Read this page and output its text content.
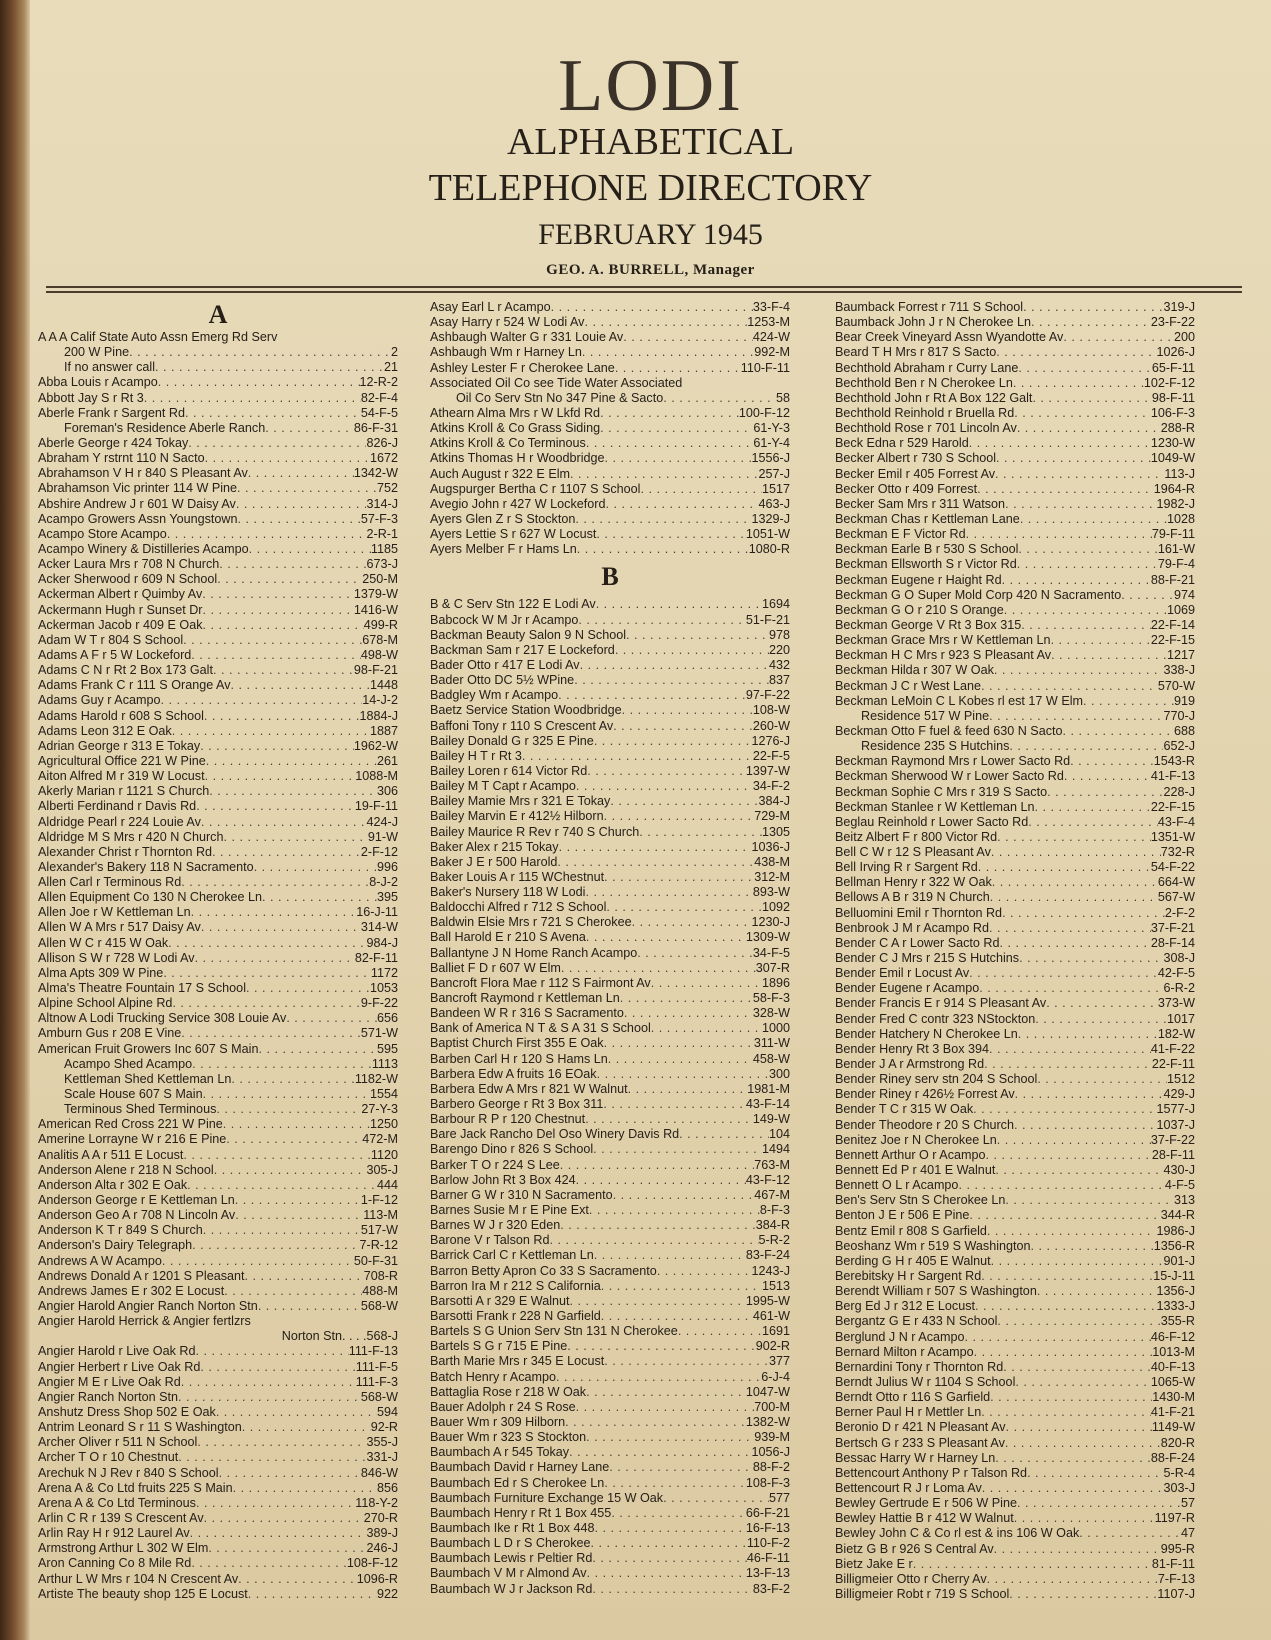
LODI
ALPHABETICAL
TELEPHONE DIRECTORY
FEBRUARY 1945
GEO. A. BURRELL, Manager
A
A A A Calif State Auto Assn Emerg Rd Serv
200 W Pine . . .	2
If no answer call . . .	21
Abba Louis r Acampo . . .	12-R-2
Abbott Jay S r Rt 3 . . .	82-F-4
Aberle Frank r Sargent Rd . . .	54-F-5
Foreman's Residence Aberle Ranch . . .	86-F-31
Aberle George r 424 Tokay . . .	826-J
Abraham Y rstrnt 110 N Sacto . . .	1672
Abrahamson V H r 840 S Pleasant Av . . .	1342-W
Abrahamson Vic printer 114 W Pine . . .	752
Abshire Andrew J r 601 W Daisy Av . . .	314-J
Acampo Growers Assn Youngstown . . .	57-F-3
Acampo Store Acampo . . .	2-R-1
Acampo Winery & Distilleries Acampo . . .	1185
Acker Laura Mrs r 708 N Church . . .	673-J
Acker Sherwood r 609 N School . . .	250-M
Ackerman Albert r Quimby Av . . .	1379-W
Ackermann Hugh r Sunset Dr . . .	1416-W
Ackerman Jacob r 409 E Oak . . .	499-R
Adam W T r 804 S School . . .	678-M
Adams A F r 5 W Lockeford . . .	498-W
Adams C N r Rt 2 Box 173 Galt . . .	98-F-21
Adams Frank C r 111 S Orange Av . . .	1448
Adams Guy r Acampo . . .	14-J-2
Adams Harold r 608 S School . . .	1884-J
Adams Leon 312 E Oak . . .	1887
Adrian George r 313 E Tokay . . .	1962-W
Agricultural Office 221 W Pine . . .	261
Aiton Alfred M r 319 W Locust . . .	1088-M
Akerly Marian r 1121 S Church . . .	306
Alberti Ferdinand r Davis Rd . . .	19-F-11
Aldridge Pearl r 224 Louie Av . . .	424-J
Aldridge M S Mrs r 420 N Church . . .	91-W
Alexander Christ r Thornton Rd . . .	2-F-12
Alexander's Bakery 118 N Sacramento . . .	996
Allen Carl r Terminous Rd . . .	8-J-2
Allen Equipment Co 130 N Cherokee Ln . . .	395
Allen Joe r W Kettleman Ln . . .	16-J-11
Allen W A Mrs r 517 Daisy Av . . .	314-W
Allen W C r 415 W Oak . . .	984-J
Allison S W r 728 W Lodi Av . . .	82-F-11
Alma Apts 309 W Pine . . .	1172
Alma's Theatre Fountain 17 S School . . .	1053
Alpine School Alpine Rd . . .	9-F-22
Altnow A Lodi Trucking Service 308 Louie Av . . .	656
Amburn Gus r 208 E Vine . . .	571-W
American Fruit Growers Inc 607 S Main . . .	595
Acampo Shed Acampo . . .	1113
Kettleman Shed Kettleman Ln . . .	1182-W
Scale House 607 S Main . . .	1554
Terminous Shed Terminous . . .	27-Y-3
American Red Cross 221 W Pine . . .	1250
Amerine Lorrayne W r 216 E Pine . . .	472-M
Analitis A A r 511 E Locust . . .	1120
Anderson Alene r 218 N School . . .	305-J
Anderson Alta r 302 E Oak . . .	444
Anderson George r E Kettleman Ln . . .	1-F-12
Anderson Geo A r 708 N Lincoln Av . . .	113-M
Anderson K T r 849 S Church . . .	517-W
Anderson's Dairy Telegraph . . .	7-R-12
Andrews A W Acampo . . .	50-F-31
Andrews Donald A r 1201 S Pleasant . . .	708-R
Andrews James E r 302 E Locust . . .	488-M
Angier Harold Angier Ranch Norton Stn . . .	568-W
Angier Harold Herrick & Angier fertlzrs
Norton Stn . . . .568-J
Angier Harold r Live Oak Rd . . .	111-F-13
Angier Herbert r Live Oak Rd . . .	111-F-5
Angier M E r Live Oak Rd . . .	111-F-3
Angier Ranch Norton Stn . . .	568-W
Anshutz Dress Shop 502 E Oak . . .	594
Antrim Leonard S r 11 S Washington . . .	92-R
Archer Oliver r 511 N School . . .	355-J
Archer T O r 10 Chestnut . . .	331-J
Arechuk N J Rev r 840 S School . . .	846-W
Arena A & Co Ltd fruits 225 S Main . . .	856
Arena A & Co Ltd Terminous . . .	118-Y-2
Arlin C R r 139 S Crescent Av . . .	270-R
Arlin Ray H r 912 Laurel Av . . .	389-J
Armstrong Arthur L 302 W Elm . . .	246-J
Aron Canning Co 8 Mile Rd . . .	108-F-12
Arthur L W Mrs r 104 N Crescent Av . . .	1096-R
Artiste The beauty shop 125 E Locust . . .	922
Asay Earl L r Acampo . . .	33-F-4
Asay Harry r 524 W Lodi Av . . .	1253-M
Ashbaugh Walter G r 331 Louie Av . . .	424-W
Ashbaugh Wm r Harney Ln . . .	992-M
Ashley Lester F r Cherokee Lane . . .	110-F-11
Associated Oil Co see Tide Water Associated
Oil Co Serv Stn No 347 Pine & Sacto . . .	58
Athearn Alma Mrs r W Lkfd Rd . . .	100-F-12
Atkins Kroll & Co Grass Siding . . .	61-Y-3
Atkins Kroll & Co Terminous . . .	61-Y-4
Atkins Thomas H r Woodbridge . . .	1556-J
Auch August r 322 E Elm . . .	257-J
Augspurger Bertha C r 1107 S School . . .	1517
Avegio John r 427 W Lockeford . . .	463-J
Ayers Glen Z r S Stockton . . .	1329-J
Ayers Lettie S r 627 W Locust . . .	1051-W
Ayers Melber F r Hams Ln . . .	1080-R
B
B & C Serv Stn 122 E Lodi Av . . .	1694
Babcock W M Jr r Acampo . . .	51-F-21
Backman Beauty Salon 9 N School . . .	978
Backman Sam r 217 E Lockeford . . .	220
Bader Otto r 417 E Lodi Av . . .	432
Bader Otto DC 5½ WPine . . .	837
Badgley Wm r Acampo . . .	97-F-22
Baetz Service Station Woodbridge . . .	108-W
Baffoni Tony r 110 S Crescent Av . . .	260-W
Bailey Donald G r 325 E Pine . . .	1276-J
Bailey H T r Rt 3 . . .	22-F-5
Bailey Loren r 614 Victor Rd . . .	1397-W
Bailey M T Capt r Acampo . . .	34-F-2
Bailey Mamie Mrs r 321 E Tokay . . .	384-J
Bailey Marvin E r 412½ Hilborn . . .	729-M
Bailey Maurice R Rev r 740 S Church . . .	1305
Baker Alex r 215 Tokay . . .	1036-J
Baker J E r 500 Harold . . .	438-M
Baker Louis A r 115 WChestnut . . .	312-M
Baker's Nursery 118 W Lodi . . .	893-W
Baldocchi Alfred r 712 S School . . .	1092
Baldwin Elsie Mrs r 721 S Cherokee . . .	1230-J
Ball Harold E r 210 S Avena . . .	1309-W
Ballantyne J N Home Ranch Acampo . . .	34-F-5
Balliet F D r 607 W Elm . . .	307-R
Bancroft Flora Mae r 112 S Fairmont Av . . .	1896
Bancroft Raymond r Kettleman Ln . . .	58-F-3
Bandeen W R r 316 S Sacramento . . .	328-W
Bank of America N T & S A 31 S School . . .	1000
Baptist Church First 355 E Oak . . .	311-W
Barben Carl H r 120 S Hams Ln . . .	458-W
Barbera Edw A fruits 16 EOak . . .	300
Barbera Edw A Mrs r 821 W Walnut . . .	1981-M
Barbero George r Rt 3 Box 311 . . .	43-F-14
Barbour R P r 120 Chestnut . . .	149-W
Bare Jack Rancho Del Oso Winery Davis Rd . . .	104
Barengo Dino r 826 S School . . .	1494
Barker T O r 224 S Lee . . .	763-M
Barlow John Rt 3 Box 424 . . .	43-F-12
Barner G W r 310 N Sacramento . . .	467-M
Barnes Susie M r E Pine Ext . . .	8-F-3
Barnes W J r 320 Eden . . .	384-R
Barone V r Talson Rd . . .	5-R-2
Barrick Carl C r Kettleman Ln . . .	83-F-24
Barron Betty Apron Co 33 S Sacramento . . .	1243-J
Barron Ira M r 212 S California . . .	1513
Barsotti A r 329 E Walnut . . .	1995-W
Barsotti Frank r 228 N Garfield . . .	461-W
Bartels S G Union Serv Stn 131 N Cherokee . . .	1691
Bartels S G r 715 E Pine . . .	902-R
Barth Marie Mrs r 345 E Locust . . .	377
Batch Henry r Acampo . . .	6-J-4
Battaglia Rose r 218 W Oak . . .	1047-W
Bauer Adolph r 24 S Rose . . .	700-M
Bauer Wm r 309 Hilborn . . .	1382-W
Bauer Wm r 323 S Stockton . . .	939-M
Baumbach A r 545 Tokay . . .	1056-J
Baumbach David r Harney Lane . . .	88-F-2
Baumbach Ed r S Cherokee Ln . . .	108-F-3
Baumbach Furniture Exchange 15 W Oak . . .	577
Baumbach Henry r Rt 1 Box 455 . . .	66-F-21
Baumbach Ike r Rt 1 Box 448 . . .	16-F-13
Baumbach L D r S Cherokee . . .	110-F-2
Baumbach Lewis r Peltier Rd . . .	46-F-11
Baumbach V M r Almond Av . . .	13-F-13
Baumbach W J r Jackson Rd . . .	83-F-2
Baumback Forrest r 711 S School . . .	319-J
Baumback John J r N Cherokee Ln . . .	23-F-22
Bear Creek Vineyard Assn Wyandotte Av . . .	200
Beard T H Mrs r 817 S Sacto . . .	1026-J
Bechthold Abraham r Curry Lane . . .	65-F-11
Bechthold Ben r N Cherokee Ln . . .	102-F-12
Bechthold John r Rt A Box 122 Galt . . .	98-F-11
Bechthold Reinhold r Bruella Rd . . .	106-F-3
Bechthold Rose r 701 Lincoln Av . . .	288-R
Beck Edna r 529 Harold . . .	1230-W
Becker Albert r 730 S School . . .	1049-W
Becker Emil r 405 Forrest Av . . .	113-J
Becker Otto r 409 Forrest . . .	1964-R
Becker Sam Mrs r 311 Watson . . .	1982-J
Beckman Chas r Kettleman Lane . . .	1028
Beckman E F Victor Rd . . .	79-F-11
Beckman Earle B r 530 S School . . .	161-W
Beckman Ellsworth S r Victor Rd . . .	79-F-4
Beckman Eugene r Haight Rd . . .	88-F-21
Beckman G O Super Mold Corp 420 N Sacramento . . .	974
Beckman G O r 210 S Orange . . .	1069
Beckman George V Rt 3 Box 315 . . .	22-F-14
Beckman Grace Mrs r W Kettleman Ln . . .	22-F-15
Beckman H C Mrs r 923 S Pleasant Av . . .	1217
Beckman Hilda r 307 W Oak . . .	338-J
Beckman J C r West Lane . . .	570-W
Beckman LeMoin C L Kobes rl est 17 W Elm . . .	919
Residence 517 W Pine . . .	770-J
Beckman Otto F fuel & feed 630 N Sacto . . .	688
Residence 235 S Hutchins . . .	652-J
Beckman Raymond Mrs r Lower Sacto Rd . . .	1543-R
Beckman Sherwood W r Lower Sacto Rd . . .	41-F-13
Beckman Sophie C Mrs r 319 S Sacto . . .	228-J
Beckman Stanlee r W Kettleman Ln . . .	22-F-15
Beglau Reinhold r Lower Sacto Rd . . .	43-F-4
Beitz Albert F r 800 Victor Rd . . .	1351-W
Bell C W r 12 S Pleasant Av . . .	732-R
Bell Irving R r Sargent Rd . . .	54-F-22
Bellman Henry r 322 W Oak . . .	664-W
Bellows A B r 319 N Church . . .	567-W
Belluomini Emil r Thornton Rd . . .	2-F-2
Benbrook J M r Acampo Rd . . .	37-F-21
Bender C A r Lower Sacto Rd . . .	28-F-14
Bender C J Mrs r 215 S Hutchins . . .	308-J
Bender Emil r Locust Av . . .	42-F-5
Bender Eugene r Acampo . . .	6-R-2
Bender Francis E r 914 S Pleasant Av . . .	373-W
Bender Fred C contr 323 NStockton . . .	1017
Bender Hatchery N Cherokee Ln . . .	182-W
Bender Henry Rt 3 Box 394 . . .	41-F-22
Bender J A r Armstrong Rd . . .	22-F-11
Bender Riney serv stn 204 S School . . .	1512
Bender Riney r 426½ Forrest Av . . .	429-J
Bender T C r 315 W Oak . . .	1577-J
Bender Theodore r 20 S Church . . .	1037-J
Benitez Joe r N Cherokee Ln . . .	37-F-22
Bennett Arthur O r Acampo . . .	28-F-11
Bennett Ed P r 401 E Walnut . . .	430-J
Bennett O L r Acampo . . .	4-F-5
Ben's Serv Stn S Cherokee Ln . . .	313
Benton J E r 506 E Pine . . .	344-R
Bentz Emil r 808 S Garfield . . .	1986-J
Beoshanz Wm r 519 S Washington . . .	1356-R
Berding G H r 405 E Walnut . . .	901-J
Berebitsky H r Sargent Rd . . .	15-J-11
Berendt William r 507 S Washington . . .	1356-J
Berg Ed J r 312 E Locust . . .	1333-J
Bergantz G E r 433 N School . . .	355-R
Berglund J N r Acampo . . .	46-F-12
Bernard Milton r Acampo . . .	1013-M
Bernardini Tony r Thornton Rd . . .	40-F-13
Berndt Julius W r 1104 S School . . .	1065-W
Berndt Otto r 116 S Garfield . . .	1430-M
Berner Paul H r Mettler Ln . . .	41-F-21
Beronio D r 421 N Pleasant Av . . .	1149-W
Bertsch G r 233 S Pleasant Av . . .	820-R
Bessac Harry W r Harney Ln . . .	88-F-24
Bettencourt Anthony P r Talson Rd . . .	5-R-4
Bettencourt R J r Loma Av . . .	303-J
Bewley Gertrude E r 506 W Pine . . .	57
Bewley Hattie B r 412 W Walnut . . .	1197-R
Bewley John C & Co rl est & ins 106 W Oak . . .	47
Bietz G B r 926 S Central Av . . .	995-R
Bietz Jake E r . . .	81-F-11
Billigmeier Otto r Cherry Av . . .	7-F-13
Billigmeier Robt r 719 S School . . .	1107-J
